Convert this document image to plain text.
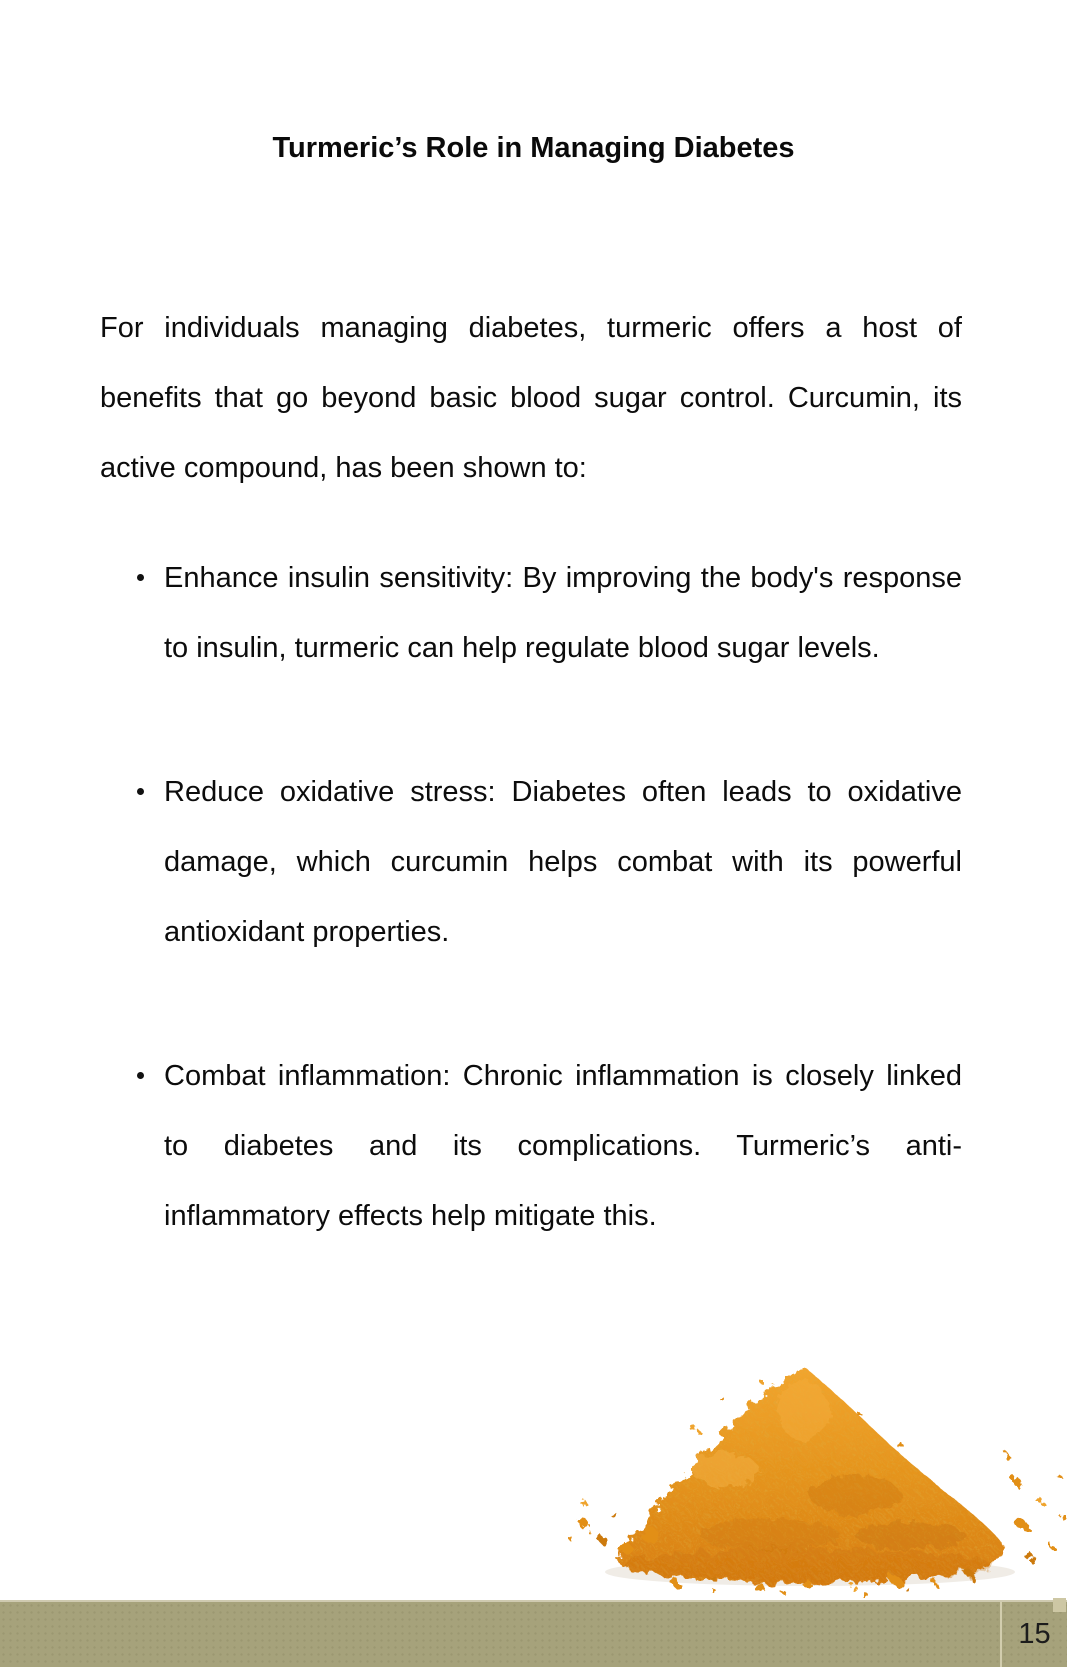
Turmeric’s Role in Managing Diabetes

For individuals managing diabetes, turmeric offers a host of benefits that go beyond basic blood sugar control. Curcumin, its active compound, has been shown to:

Enhance insulin sensitivity: By improving the body's response to insulin, turmeric can help regulate blood sugar levels.
Reduce oxidative stress: Diabetes often leads to oxidative damage, which curcumin helps combat with its powerful antioxidant properties.
Combat inflammation: Chronic inflammation is closely linked to diabetes and its complications. Turmeric’s anti-inflammatory effects help mitigate this.
15
